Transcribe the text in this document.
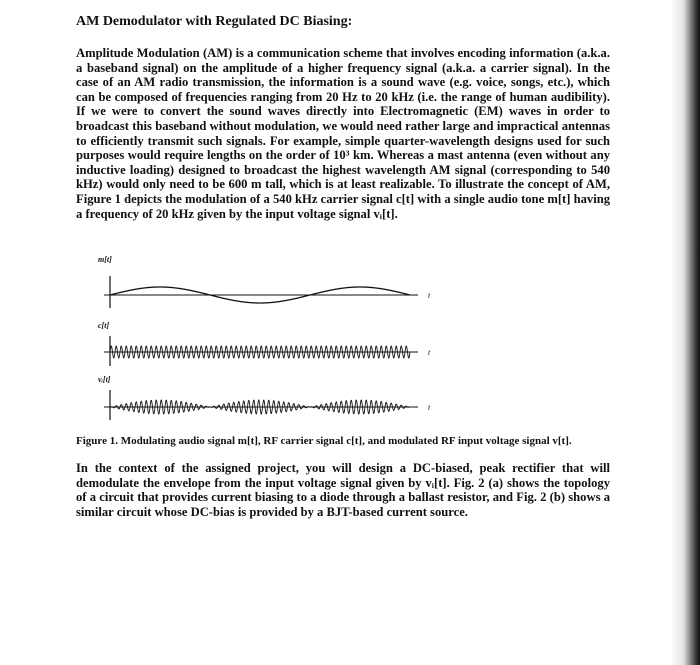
AM Demodulator with Regulated DC Biasing:

Amplitude Modulation (AM) is a communication scheme that involves encoding information (a.k.a. a baseband signal) on the amplitude of a higher frequency signal (a.k.a. a carrier signal). In the case of an AM radio transmission, the information is a sound wave (e.g. voice, songs, etc.), which can be composed of frequencies ranging from 20 Hz to 20 kHz (i.e. the range of human audibility). If we were to convert the sound waves directly into Electromagnetic (EM) waves in order to broadcast this baseband without modulation, we would need rather large and impractical antennas to efficiently transmit such signals. For example, simple quarter-wavelength designs used for such purposes would require lengths on the order of 10³ km. Whereas a mast antenna (even without any inductive loading) designed to broadcast the highest wavelength AM signal (corresponding to 540 kHz) would only need to be 600 m tall, which is at least realizable. To illustrate the concept of AM, Figure 1 depicts the modulation of a 540 kHz carrier signal c[t] with a single audio tone m[t] having a frequency of 20 kHz given by the input voltage signal vᵢ[t].

Figure 1. Modulating audio signal m[t], RF carrier signal c[t], and modulated RF input voltage signal v[t].

In the context of the assigned project, you will design a DC-biased, peak rectifier that will demodulate the envelope from the input voltage signal given by vᵢ[t]. Fig. 2 (a) shows the topology of a circuit that provides current biasing to a diode through a ballast resistor, and Fig. 2 (b) shows a similar circuit whose DC-bias is provided by a BJT-based current source.

m[t]
t
c[t]
t
vᵢ[t]
t
